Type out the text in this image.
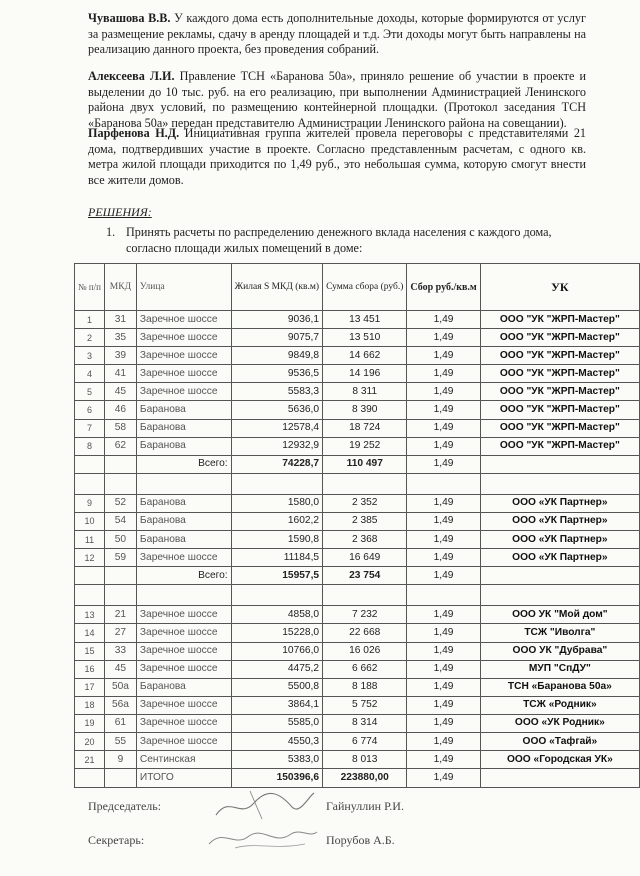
Чувашова В.В. У каждого дома есть дополнительные доходы, которые формируются от услуг за размещение рекламы, сдачу в аренду площадей и т.д. Эти доходы могут быть направлены на реализацию данного проекта, без проведения собраний.
Алексеева Л.И. Правление ТСН «Баранова 50а», приняло решение об участии в проекте и выделении до 10 тыс. руб. на его реализацию, при выполнении Администрацией Ленинского района двух условий, по размещению контейнерной площадки. (Протокол заседания ТСН «Баранова 50а» передан представителю Администрации Ленинского района на совещании).
Парфенова Н.Д. Инициативная группа жителей провела переговоры с представителями 21 дома, подтвердивших участие в проекте. Согласно представленным расчетам, с одного кв. метра жилой площади приходится по 1,49 руб., это небольшая сумма, которую смогут внести все жители домов.
РЕШЕНИЯ:
1. Принять расчеты по распределению денежного вклада населения с каждого дома, согласно площади жилых помещений в доме:
№ п/п	МКД	Улица	Жилая S МКД (кв.м)	Сумма сбора (руб.)	Сбор руб./кв.м	УК
1	31	Заречное шоссе	9036,1	13 451	1,49	ООО "УК "ЖРП-Мастер"
2	35	Заречное шоссе	9075,7	13 510	1,49	ООО "УК "ЖРП-Мастер"
3	39	Заречное шоссе	9849,8	14 662	1,49	ООО "УК "ЖРП-Мастер"
4	41	Заречное шоссе	9536,5	14 196	1,49	ООО "УК "ЖРП-Мастер"
5	45	Заречное шоссе	5583,3	8 311	1,49	ООО "УК "ЖРП-Мастер"
6	46	Баранова	5636,0	8 390	1,49	ООО "УК "ЖРП-Мастер"
7	58	Баранова	12578,4	18 724	1,49	ООО "УК "ЖРП-Мастер"
8	62	Баранова	12932,9	19 252	1,49	ООО "УК "ЖРП-Мастер"
		Всего:	74228,7	110 497	1,49	

9	52	Баранова	1580,0	2 352	1,49	ООО «УК Партнер»
10	54	Баранова	1602,2	2 385	1,49	ООО «УК Партнер»
11	50	Баранова	1590,8	2 368	1,49	ООО «УК Партнер»
12	59	Заречное шоссе	11184,5	16 649	1,49	ООО «УК Партнер»
		Всего:	15957,5	23 754	1,49	

13	21	Заречное шоссе	4858,0	7 232	1,49	ООО УК "Мой дом"
14	27	Заречное шоссе	15228,0	22 668	1,49	ТСЖ "Иволга"
15	33	Заречное шоссе	10766,0	16 026	1,49	ООО УК "Дубрава"
16	45	Заречное шоссе	4475,2	6 662	1,49	МУП "СпДУ"
17	50а	Баранова	5500,8	8 188	1,49	ТСН «Баранова 50а»
18	56а	Заречное шоссе	3864,1	5 752	1,49	ТСЖ «Родник»
19	61	Заречное шоссе	5585,0	8 314	1,49	ООО «УК Родник»
20	55	Заречное шоссе	4550,3	6 774	1,49	ООО «Тафгай»
21	9	Сентинская	5383,0	8 013	1,49	ООО «Городская УК»
		ИТОГО	150396,6	223880,00	1,49	
Председатель:	Гайнуллин Р.И.
Секретарь:	Порубов А.Б.
